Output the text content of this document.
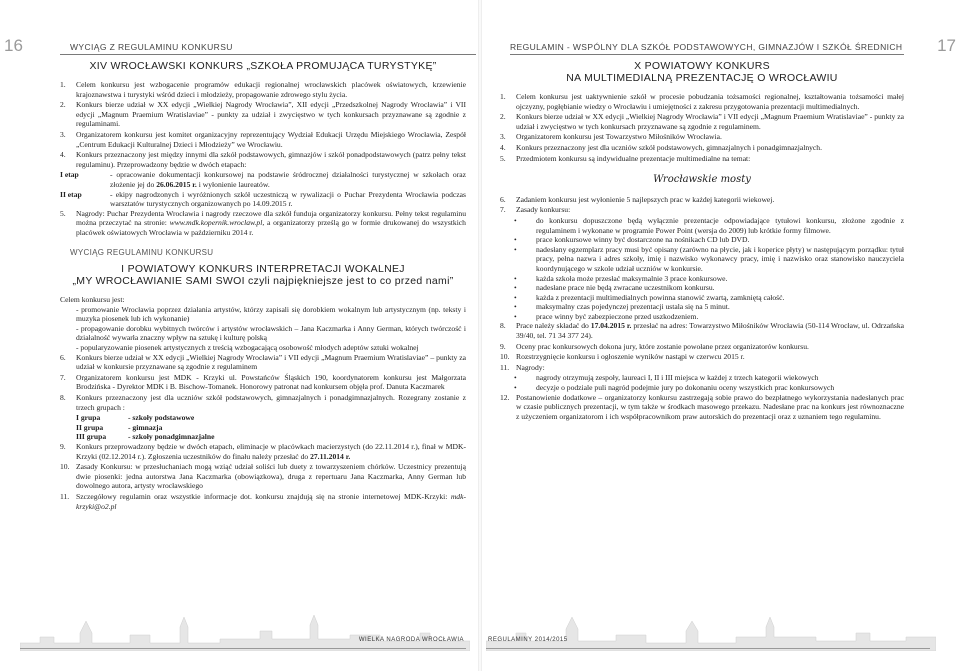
16	WYCIĄG Z REGULAMINU KONKURSU
XIV WROCŁAWSKI KONKURS „SZKOŁA PROMUJĄCA TURYSTYKĘ”
1.	Celem konkursu jest wzbogacenie programów edukacji regionalnej wrocławskich placówek oświatowych, krzewienie krajoznawstwa i turystyki wśród dzieci i młodzieży, propagowanie zdrowego stylu życia.
2.	Konkurs bierze udział w XX edycji „Wielkiej Nagrody Wrocławia”, XII edycji „Przedszkolnej Nagrody Wrocławia” i VII edycji „Magnum Praemium Wratislaviae” - punkty za udział i zwycięstwo w tych konkursach przyznawane są zgodnie z regulaminami.
3.	Organizatorem konkursu jest komitet organizacyjny reprezentujący Wydział Edukacji Urzędu Miejskiego Wrocławia, Zespół „Centrum Edukacji Kulturalnej Dzieci i Młodzieży” we Wrocławiu.
4.	Konkurs przeznaczony jest między innymi dla szkół podstawowych, gimnazjów i szkół ponadpodstawowych (patrz pełny tekst regulaminu). Przeprowadzony będzie w dwóch etapach:
I etap	- opracowanie dokumentacji konkursowej na podstawie śródrocznej działalności turystycznej w szkołach oraz złożenie jej do 26.06.2015 r. i wyłonienie laureatów.
II etap	- ekipy nagrodzonych i wyróżnionych szkół uczestniczą w rywalizacji o Puchar Prezydenta Wrocławia podczas warsztatów turystycznych organizowanych po 14.09.2015 r.
5.	Nagrody: Puchar Prezydenta Wrocławia i nagrody rzeczowe dla szkół funduja organizatorzy konkursu. Pełny tekst regulaminu można przeczytać na stronie: www.mdk.kopernik.wroclaw.pl, a organizatorzy prześlą go w formie drukowanej do wszystkich placówek oświatowych Wrocławia w październiku 2014 r.
WYCIĄG REGULAMINU KONKURSU
I POWIATOWY KONKURS INTERPRETACJI WOKALNEJ
„MY WROCŁAWIANIE SAMI SWOI czyli najpiękniejsze jest to co przed nami”
Celem konkursu jest:
- promowanie Wrocławia poprzez działania artystów, którzy zapisali się dorobkiem wokalnym lub artystycznym (np. teksty i muzyka piosenek lub ich wykonanie)
- propagowanie dorobku wybitnych twórców i artystów wrocławskich – Jana Kaczmarka i Anny German, których twórczość i działalność wywarła znaczny wpływ na sztukę i kulturę polską
- popularyzowanie piosenek artystycznych z treścią wzbogacającą osobowość młodych adeptów sztuki wokalnej
6.	Konkurs bierze udział w XX edycji „Wielkiej Nagrody Wrocławia” i VII edycji „Magnum Praemium Wratislaviae” – punkty za udział w konkursie przyznawane są zgodnie z regulaminem
7.	Organizatorem konkursu jest MDK - Krzyki ul. Powstańców Śląskich 190, koordynatorem konkursu jest Małgorzata Brodzińska - Dyrektor MDK i B. Bischow-Tomanek. Honorowy patronat nad konkursem objęła prof. Danuta Kaczmarek
8.	Konkurs przeznaczony jest dla uczniów szkół podstawowych, gimnazjalnych i ponadgimnazjalnych. Rozegrany zostanie z trzech grupach :
I grupa	- szkoły podstawowe
II grupa	- gimnazja
III grupa	- szkoły ponadgimnazjalne
9.	Konkurs przeprowadzony będzie w dwóch etapach, eliminacje w placówkach macierzystych (do 22.11.2014 r.), finał w MDK-Krzyki (02.12.2014 r.). Zgłoszenia uczestników do finału należy przesłać do 27.11.2014 r.
10. Zasady Konkursu: w przesłuchaniach mogą wziąć udział soliści lub duety z towarzyszeniem chórków. Uczestnicy prezentują dwie piosenki: jedna autorstwa Jana Kaczmarka (obowiązkowa), druga z repertuaru Jana Kaczmarka, Anny German lub dowolnego autora, artysty wrocławskiego
11. Szczegółowy regulamin oraz wszystkie informacje dot. konkursu znajdują się na stronie internetowej MDK-Krzyki: mdk-krzyki@o2.pl
WIELKA NAGRODA WROCŁAWIA
17
REGULAMIN - WSPÓLNY DLA SZKÓŁ PODSTAWOWYCH, GIMNAZJÓW I SZKÓŁ ŚREDNICH
X POWIATOWY KONKURS
NA MULTIMEDIALNĄ PREZENTACJĘ O WROCŁAWIU
1.	Celem konkursu jest uaktywnienie szkół w procesie pobudzania tożsamości regionalnej, kształtowania tożsamości małej ojczyzny, pogłębianie wiedzy o Wrocławiu i umiejętności z zakresu przygotowania prezentacji multimedialnych.
2.	Konkurs bierze udział w XX edycji „Wielkiej Nagrody Wrocławia” i VII edycji „Magnum Praemium Wratislaviae” - punkty za udział i zwycięstwo w tych konkursach przyznawane są zgodnie z regulaminem.
3.	Organizatorem konkursu jest Towarzystwo Miłośników Wrocławia.
4.	Konkurs przeznaczony jest dla uczniów szkół podstawowych, gimnazjalnych i ponadgimnazjalnych.
5.	Przedmiotem konkursu są indywidualne prezentacje multimedialne na temat:
Wrocławskie mosty
6.	Zadaniem konkursu jest wyłonienie 5 najlepszych prac w każdej kategorii wiekowej.
7.	Zasady konkursu:
•	do konkursu dopuszczone będą wyłącznie prezentacje odpowiadające tytułowi konkursu, złożone zgodnie z regulaminem i wykonane w programie Power Point (wersja do 2009) lub krótkie formy filmowe.
•	prace konkursowe winny być dostarczone na nośnikach CD lub DVD.
•	nadesłany egzemplarz pracy musi być opisany (zarówno na płycie, jak i koperice płyty) w następującym porządku: tytuł pracy, pełna nazwa i adres szkoły, imię i nazwisko wykonawcy pracy, imię i nazwisko oraz stanowisko nauczyciela koordynującego w szkole udział uczniów w konkursie.
•	każda szkoła może przesłać maksymalnie 3 prace konkursowe.
•	nadesłane prace nie będą zwracane uczestnikom konkursu.
•	każda z prezentacji multimedialnych powinna stanowić zwartą, zamkniętą całość.
•	maksymalny czas pojedynczej prezentacji ustala się na 5 minut.
•	prace winny być zabezpieczone przed uszkodzeniem.
8.	Prace należy składać do 17.04.2015 r. przesłać na adres: Towarzystwo Miłośników Wrocławia (50-114 Wrocław, ul. Odrzańska 39/40, tel. 71 34 377 24).
9.	Oceny prac konkursowych dokona jury, które zostanie powołane przez organizatorów konkursu.
10. Rozstrzygnięcie konkursu i ogłoszenie wyników nastąpi w czerwcu 2015 r.
11. Nagrody:
•	nagrody otrzymują zespoły, laureaci I, II i III miejsca w każdej z trzech kategorii wiekowych
•	decyzje o podziale puli nagród podejmie jury po dokonaniu oceny wszystkich prac konkursowych
12. Postanowienie dodatkowe – organizatorzy konkursu zastrzegają sobie prawo do bezpłatnego wykorzystania nadesłanych prac w czasie publicznych prezentacji, w tym także w środkach masowego przekazu. Nadesłane prac na konkurs jest równoznaczne z użyczeniem organizatorom i ich współpracownikom praw autorskich do prezentacji oraz z uznaniem tego regulaminu.
REGULAMINY 2014/2015
